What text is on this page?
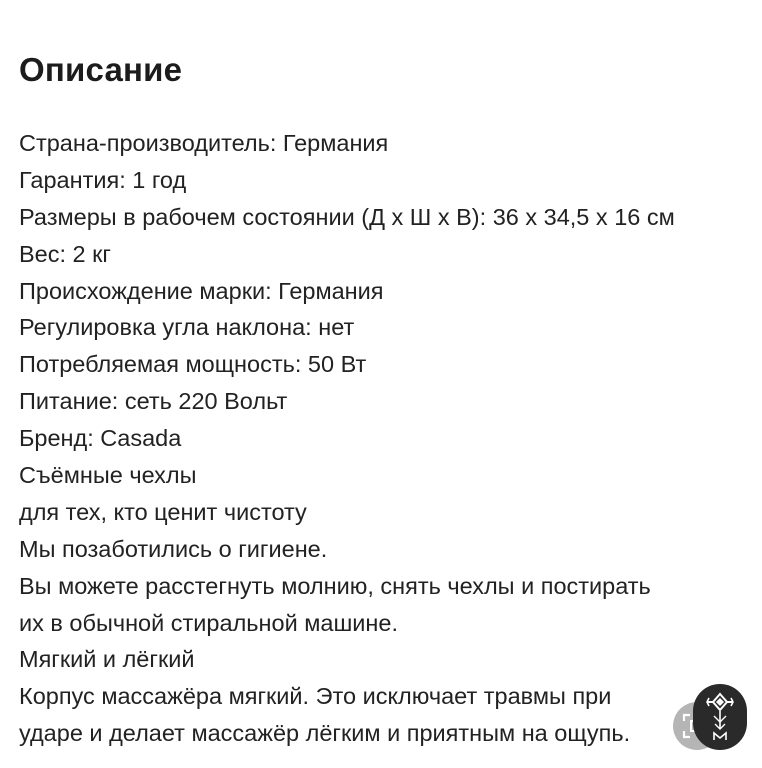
Описание
Страна-производитель: Германия
Гарантия: 1 год
Размеры в рабочем состоянии (Д x Ш x В): 36 x 34,5 x 16 см
Вес: 2 кг
Происхождение марки: Германия
Регулировка угла наклона: нет
Потребляемая мощность: 50 Вт
Питание: сеть 220 Вольт
Бренд: Casada
Съёмные чехлы
для тех, кто ценит чистоту
Мы позаботились о гигиене.
Вы можете расстегнуть молнию, снять чехлы и постирать
их в обычной стиральной машине.
Мягкий и лёгкий
Корпус массажёра мягкий. Это исключает травмы при
ударе и делает массажёр лёгким и приятным на ощупь.
